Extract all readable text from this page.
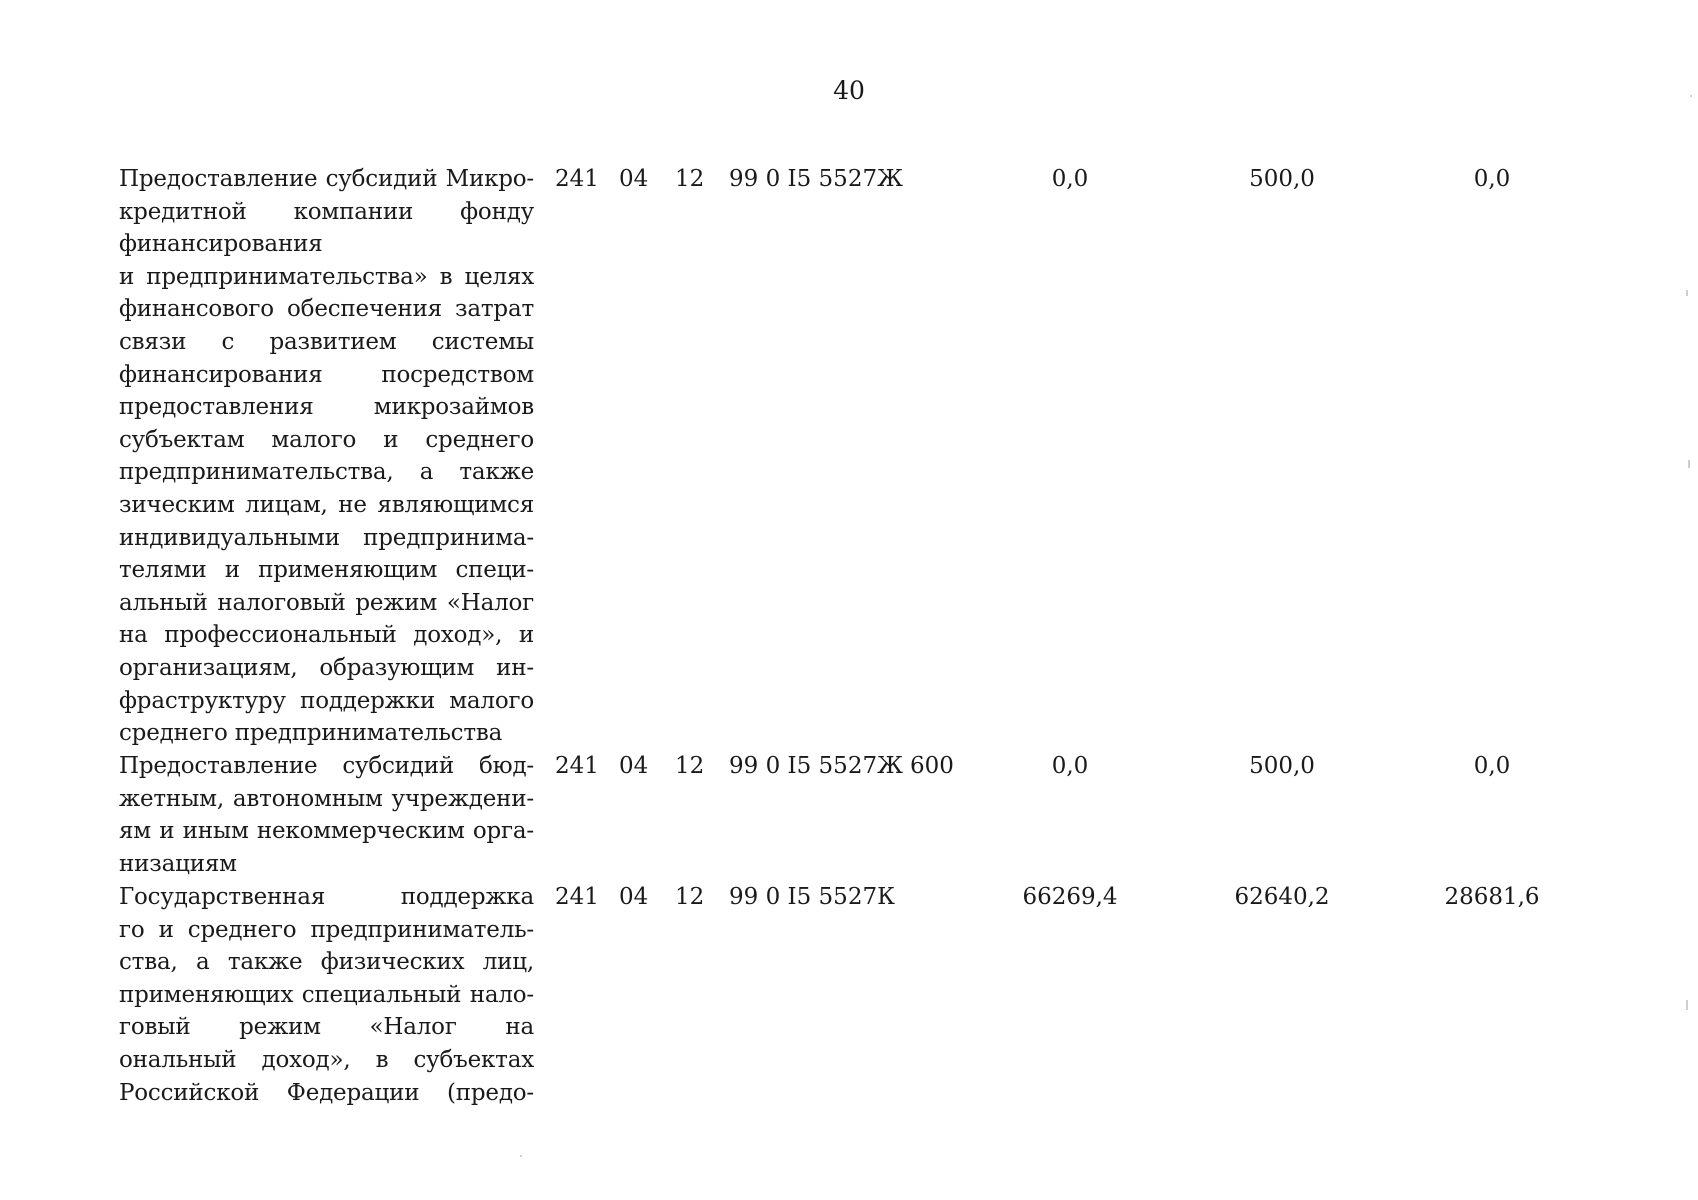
40
Предоставление субсидий Микро-
кредитной компании фонду
финансирования
и предпринимательства» в целях
финансового обеспечения затрат
связи с развитием системы
финансирования посредством
предоставления микрозаймов
субъектам малого и среднего
предпринимательства, а также
зическим лицам, не являющимся
индивидуальными предпринима-
телями и применяющим специ-
альный налоговый режим «Налог
на профессиональный доход», и
организациям, образующим ин-
фраструктуру поддержки малого
среднего предпринимательства
241 04 12 99 0 I5 5527Ж	0,0	500,0	0,0
Предоставление субсидий бюд-
жетным, автономным учреждени-
ям и иным некоммерческим орга-
низациям
241 04 12 99 0 I5 5527Ж 600	0,0	500,0	0,0
Государственная поддержка
го и среднего предприниматель-
ства, а также физических лиц,
применяющих специальный нало-
говый режим «Налог на
ональный доход», в субъектах
Российской Федерации (предо-
241 04 12 99 0 I5 5527К	66269,4	62640,2	28681,6
